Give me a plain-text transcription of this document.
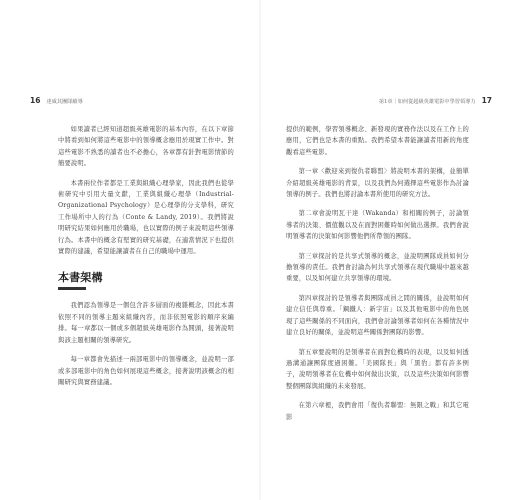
16 達威其團隊績導

如果讀者已經知道超級英雄電影的基本內容，在以下章節中將看到如何將這些電影中的領導概念應用於現實工作中。對這些電影不熟悉的讀者也不必擔心，各章都有針對電影情節的簡要說明。

本書兩位作者都是工業與組織心理學家，因此我們也從學術研究中引用大量文獻，工業與組織心理學（Industrial-Organizational Psychology）是心理學的分支學科，研究工作場所中人的行為（Conte & Landy, 2019）。我們將說明研究結果如何應用於職場，也以實際的例子來說明這些領導行為。本書中的概念有堅實的研究基礎，在適當情況下也提供實際的建議，希望能讓讀者在自己的職場中運用。

本書架構

我們認為領導是一個包含許多層面的複雜概念，因此本書依照不同的領導主題來組織內容，而非依照電影的順序來編排。每一章都以一個或多個超級英雄電影作為開頭，接著說明與該主題相關的領導研究。

每一章都會先描述一兩部電影中的領導概念，並說明一部或多部電影中的角色如何展現這些概念，接著說明該概念的相關研究與實務建議。

第1章｜如何從超級英雄電影中學習領導力 17

提供的範例，學習領導概念、新發現的實務作法以及在工作上的應用，它們也是本書的重點。我們希望本書能讓讀者用新的角度觀看這些電影。

第一章〈歡迎來到復仇者聯盟〉將說明本書的架構，並簡單介紹超級英雄電影的背景，以及我們為何選擇這些電影作為討論領導的例子。我們也將討論本書所使用的研究方法。

第二章會說明瓦干達（Wakanda）和相關的例子，討論領導者的決策、價值觀以及在面對困難時如何做出選擇。我們會說明領導者的決策如何影響他們所帶領的團隊。

第三章探討的是共享式領導的概念，並說明團隊成員如何分擔領導的責任。我們會討論為何共享式領導在現代職場中越來越重要，以及如何建立共享領導的環境。

第四章探討的是領導者與團隊成員之間的關係，並說明如何建立信任與尊重。「鋼鐵人：新宇宙」以及其他電影中的角色展現了這些關係的不同面向，我們會討論領導者如何在各種情況中建立良好的關係，並說明這些關係對團隊的影響。

第五章要說明的是領導者在面對危機時的表現，以及如何透過溝通讓團隊度過困難。「美國隊長」與「黑豹」都有許多例子，說明領導者在危機中如何做出決策，以及這些決策如何影響整個團隊與組織的未來發展。

在第六章裡，我們會用「復仇者聯盟：無限之戰」和其它電影
